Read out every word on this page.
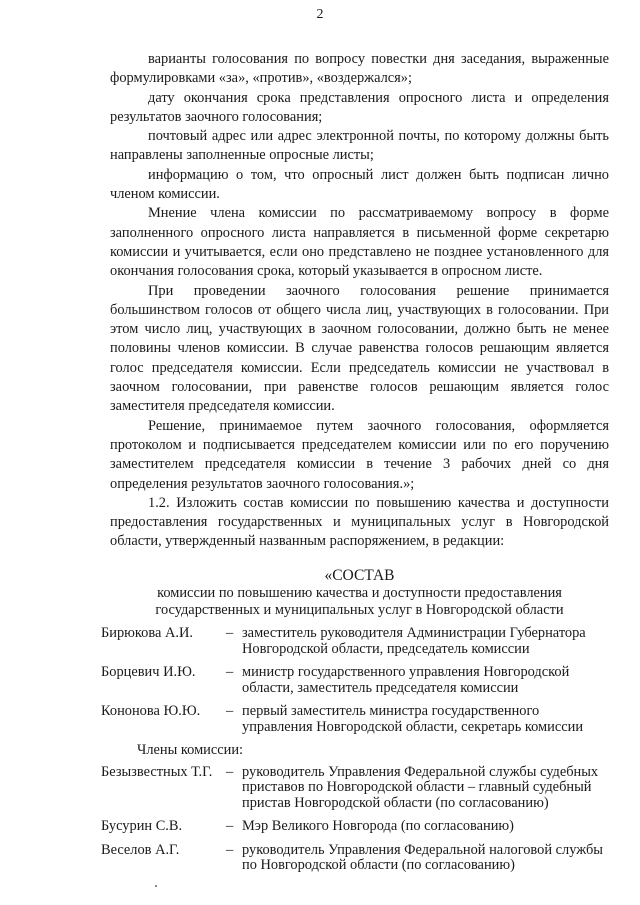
2

варианты голосования по вопросу повестки дня заседания, выраженные формулировками «за», «против», «воздержался»;

дату окончания срока представления опросного листа и определения результатов заочного голосования;

почтовый адрес или адрес электронной почты, по которому должны быть направлены заполненные опросные листы;

информацию о том, что опросный лист должен быть подписан лично членом комиссии.

Мнение члена комиссии по рассматриваемому вопросу в форме заполненного опросного листа направляется в письменной форме секретарю комиссии и учитывается, если оно представлено не позднее установленного для окончания голосования срока, который указывается в опросном листе.

При проведении заочного голосования решение принимается большинством голосов от общего числа лиц, участвующих в голосовании. При этом число лиц, участвующих в заочном голосовании, должно быть не менее половины членов комиссии. В случае равенства голосов решающим является голос председателя комиссии. Если председатель комиссии не участвовал в заочном голосовании, при равенстве голосов решающим является голос заместителя председателя комиссии.

Решение, принимаемое путем заочного голосования, оформляется протоколом и подписывается председателем комиссии или по его поручению заместителем председателя комиссии в течение 3 рабочих дней со дня определения результатов заочного голосования.»;

1.2. Изложить состав комиссии по повышению качества и доступности предоставления государственных и муниципальных услуг в Новгородской области, утвержденный названным распоряжением, в редакции:

«СОСТАВ
комиссии по повышению качества и доступности предоставления
государственных и муниципальных услуг в Новгородской области
Бирюкова А.И.	– заместитель руководителя Администрации Губернатора Новгородской области, председатель комиссии
Борцевич И.Ю.	– министр государственного управления Новгородской области, заместитель председателя комиссии
Кононова Ю.Ю.	– первый заместитель министра государственного управления Новгородской области, секретарь комиссии
Члены комиссии:
Безызвестных Т.Г. – руководитель Управления Федеральной службы судебных приставов по Новгородской области – главный судебный пристав Новгородской области (по согласованию)
Бусурин С.В.	– Мэр Великого Новгорода (по согласованию)
Веселов А.Г.	– руководитель Управления Федеральной налоговой службы по Новгородской области (по согласованию)
